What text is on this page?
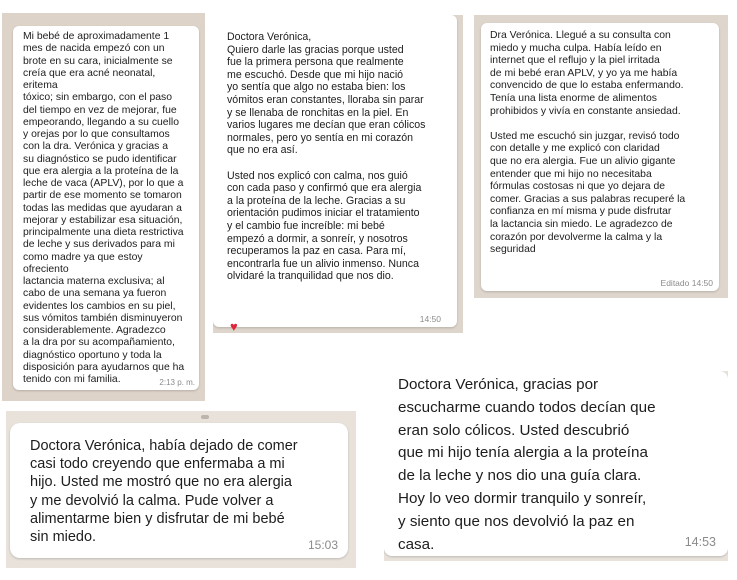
Mi bebé de aproximadamente 1
mes de nacida empezó con un
brote en su cara, inicialmente se
creía que era acné neonatal, eritema
tóxico; sin embargo, con el paso
del tiempo en vez de mejorar, fue
empeorando, llegando a su cuello
y orejas por lo que consultamos
con la dra. Verónica y gracias a
su diagnóstico se pudo identificar
que era alergia a la proteína de la
leche de vaca (APLV), por lo que a
partir de ese momento se tomaron
todas las medidas que ayudaran a
mejorar y estabilizar esa situación,
principalmente una dieta restrictiva
de leche y sus derivados para mi
como madre ya que estoy ofreciento
lactancia materna exclusiva; al
cabo de una semana ya fueron
evidentes los cambios en su piel,
sus vómitos también disminuyeron
considerablemente. Agradezco
a la dra por su acompañamiento,
diagnóstico oportuno y toda la
disposición para ayudarnos que ha
tenido con mi familia.	2:13 p. m.

Doctora Verónica,
Quiero darle las gracias porque usted
fue la primera persona que realmente
me escuchó. Desde que mi hijo nació
yo sentía que algo no estaba bien: los
vómitos eran constantes, lloraba sin parar
y se llenaba de ronchitas en la piel. En
varios lugares me decían que eran cólicos
normales, pero yo sentía en mi corazón
que no era así.

Usted nos explicó con calma, nos guió
con cada paso y confirmó que era alergia
a la proteína de la leche. Gracias a su
orientación pudimos iniciar el tratamiento
y el cambio fue increíble: mi bebé
empezó a dormir, a sonreír, y nosotros
recuperamos la paz en casa. Para mí,
encontrarla fue un alivio inmenso. Nunca
olvidaré la tranquilidad que nos dio.

14:50
♥

Dra Verónica. Llegué a su consulta con
miedo y mucha culpa. Había leído en
internet que el reflujo y la piel irritada
de mi bebé eran APLV, y yo ya me había
convencido de que lo estaba enfermando.
Tenía una lista enorme de alimentos
prohibidos y vivía en constante ansiedad.

Usted me escuchó sin juzgar, revisó todo
con detalle y me explicó con claridad
que no era alergia. Fue un alivio gigante
entender que mi hijo no necesitaba
fórmulas costosas ni que yo dejara de
comer. Gracias a sus palabras recuperé la
confianza en mí misma y pude disfrutar
la lactancia sin miedo. Le agradezco de
corazón por devolverme la calma y la
seguridad

Editado 14:50

Doctora Verónica, había dejado de comer
casi todo creyendo que enfermaba a mi
hijo. Usted me mostró que no era alergia
y me devolvió la calma. Pude volver a
alimentarme bien y disfrutar de mi bebé
sin miedo.	15:03

Doctora Verónica, gracias por
escucharme cuando todos decían que
eran solo cólicos. Usted descubrió
que mi hijo tenía alergia a la proteína
de la leche y nos dio una guía clara.
Hoy lo veo dormir tranquilo y sonreír,
y siento que nos devolvió la paz en
casa.	14:53
